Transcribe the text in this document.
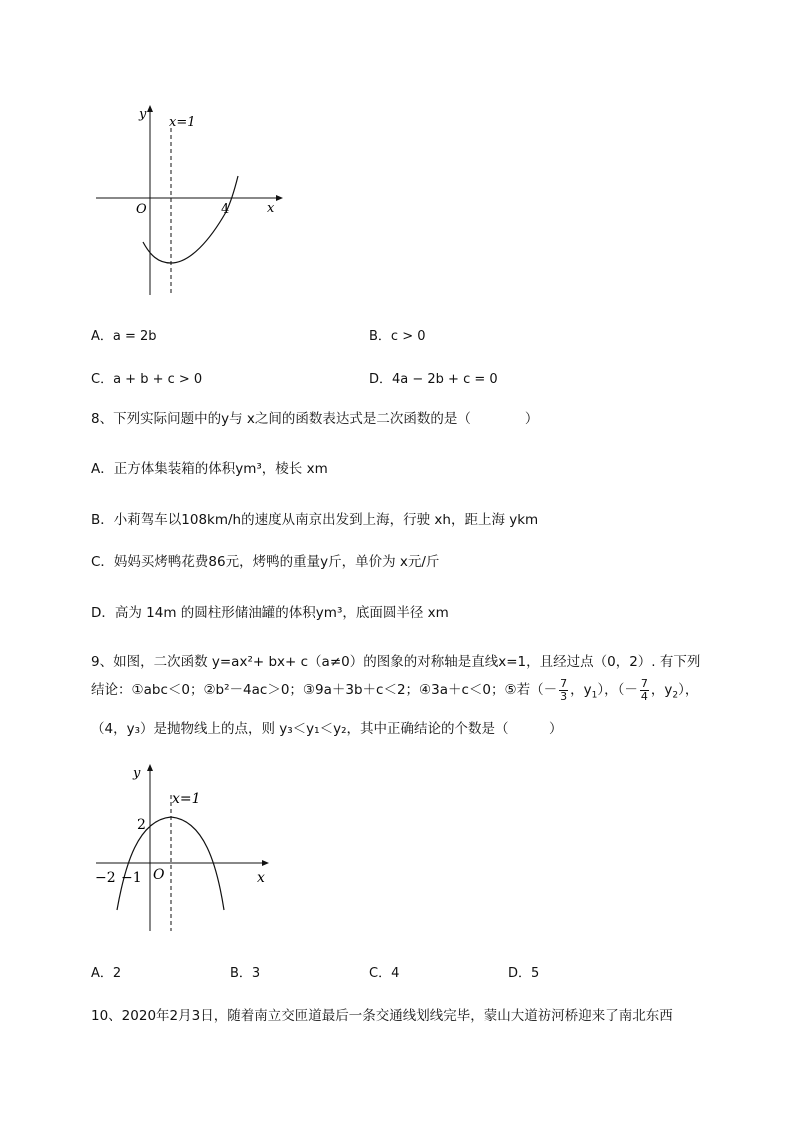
y
x
O
x=1
4
A．a = 2b	B．c > 0
C．a + b + c > 0	D．4a − 2b + c = 0
8、下列实际问题中的y与 x之间的函数表达式是二次函数的是（　　　　）
A．正方体集装箱的体积ym³，棱长 xm
B．小莉驾车以108km/h的速度从南京出发到上海，行驶 xh，距上海 ykm
C．妈妈买烤鸭花费86元，烤鸭的重量y斤，单价为 x元/斤
D．高为 14m 的圆柱形储油罐的体积ym³，底面圆半径 xm
9、如图，二次函数 y=ax²+ bx+ c（a≠0）的图象的对称轴是直线x=1，且经过点（0，2）. 有下列
结论：①abc＜0；②b²－4ac＞0；③9a＋3b＋c＜2；④3a＋c＜0；⑤若（－ $\frac{7}{3}$ ，$y_1$），（－ $\frac{7}{4}$ ，$y_2$），
（4，y₃）是抛物线上的点，则 y₃＜y₁＜y₂，其中正确结论的个数是（　　　）
y
x
O
x=1
2
−2 −1
A．2	B．3	C．4	D．5
10、2020年2月3日，随着南立交匝道最后一条交通线划线完毕，蒙山大道祊河桥迎来了南北东西
